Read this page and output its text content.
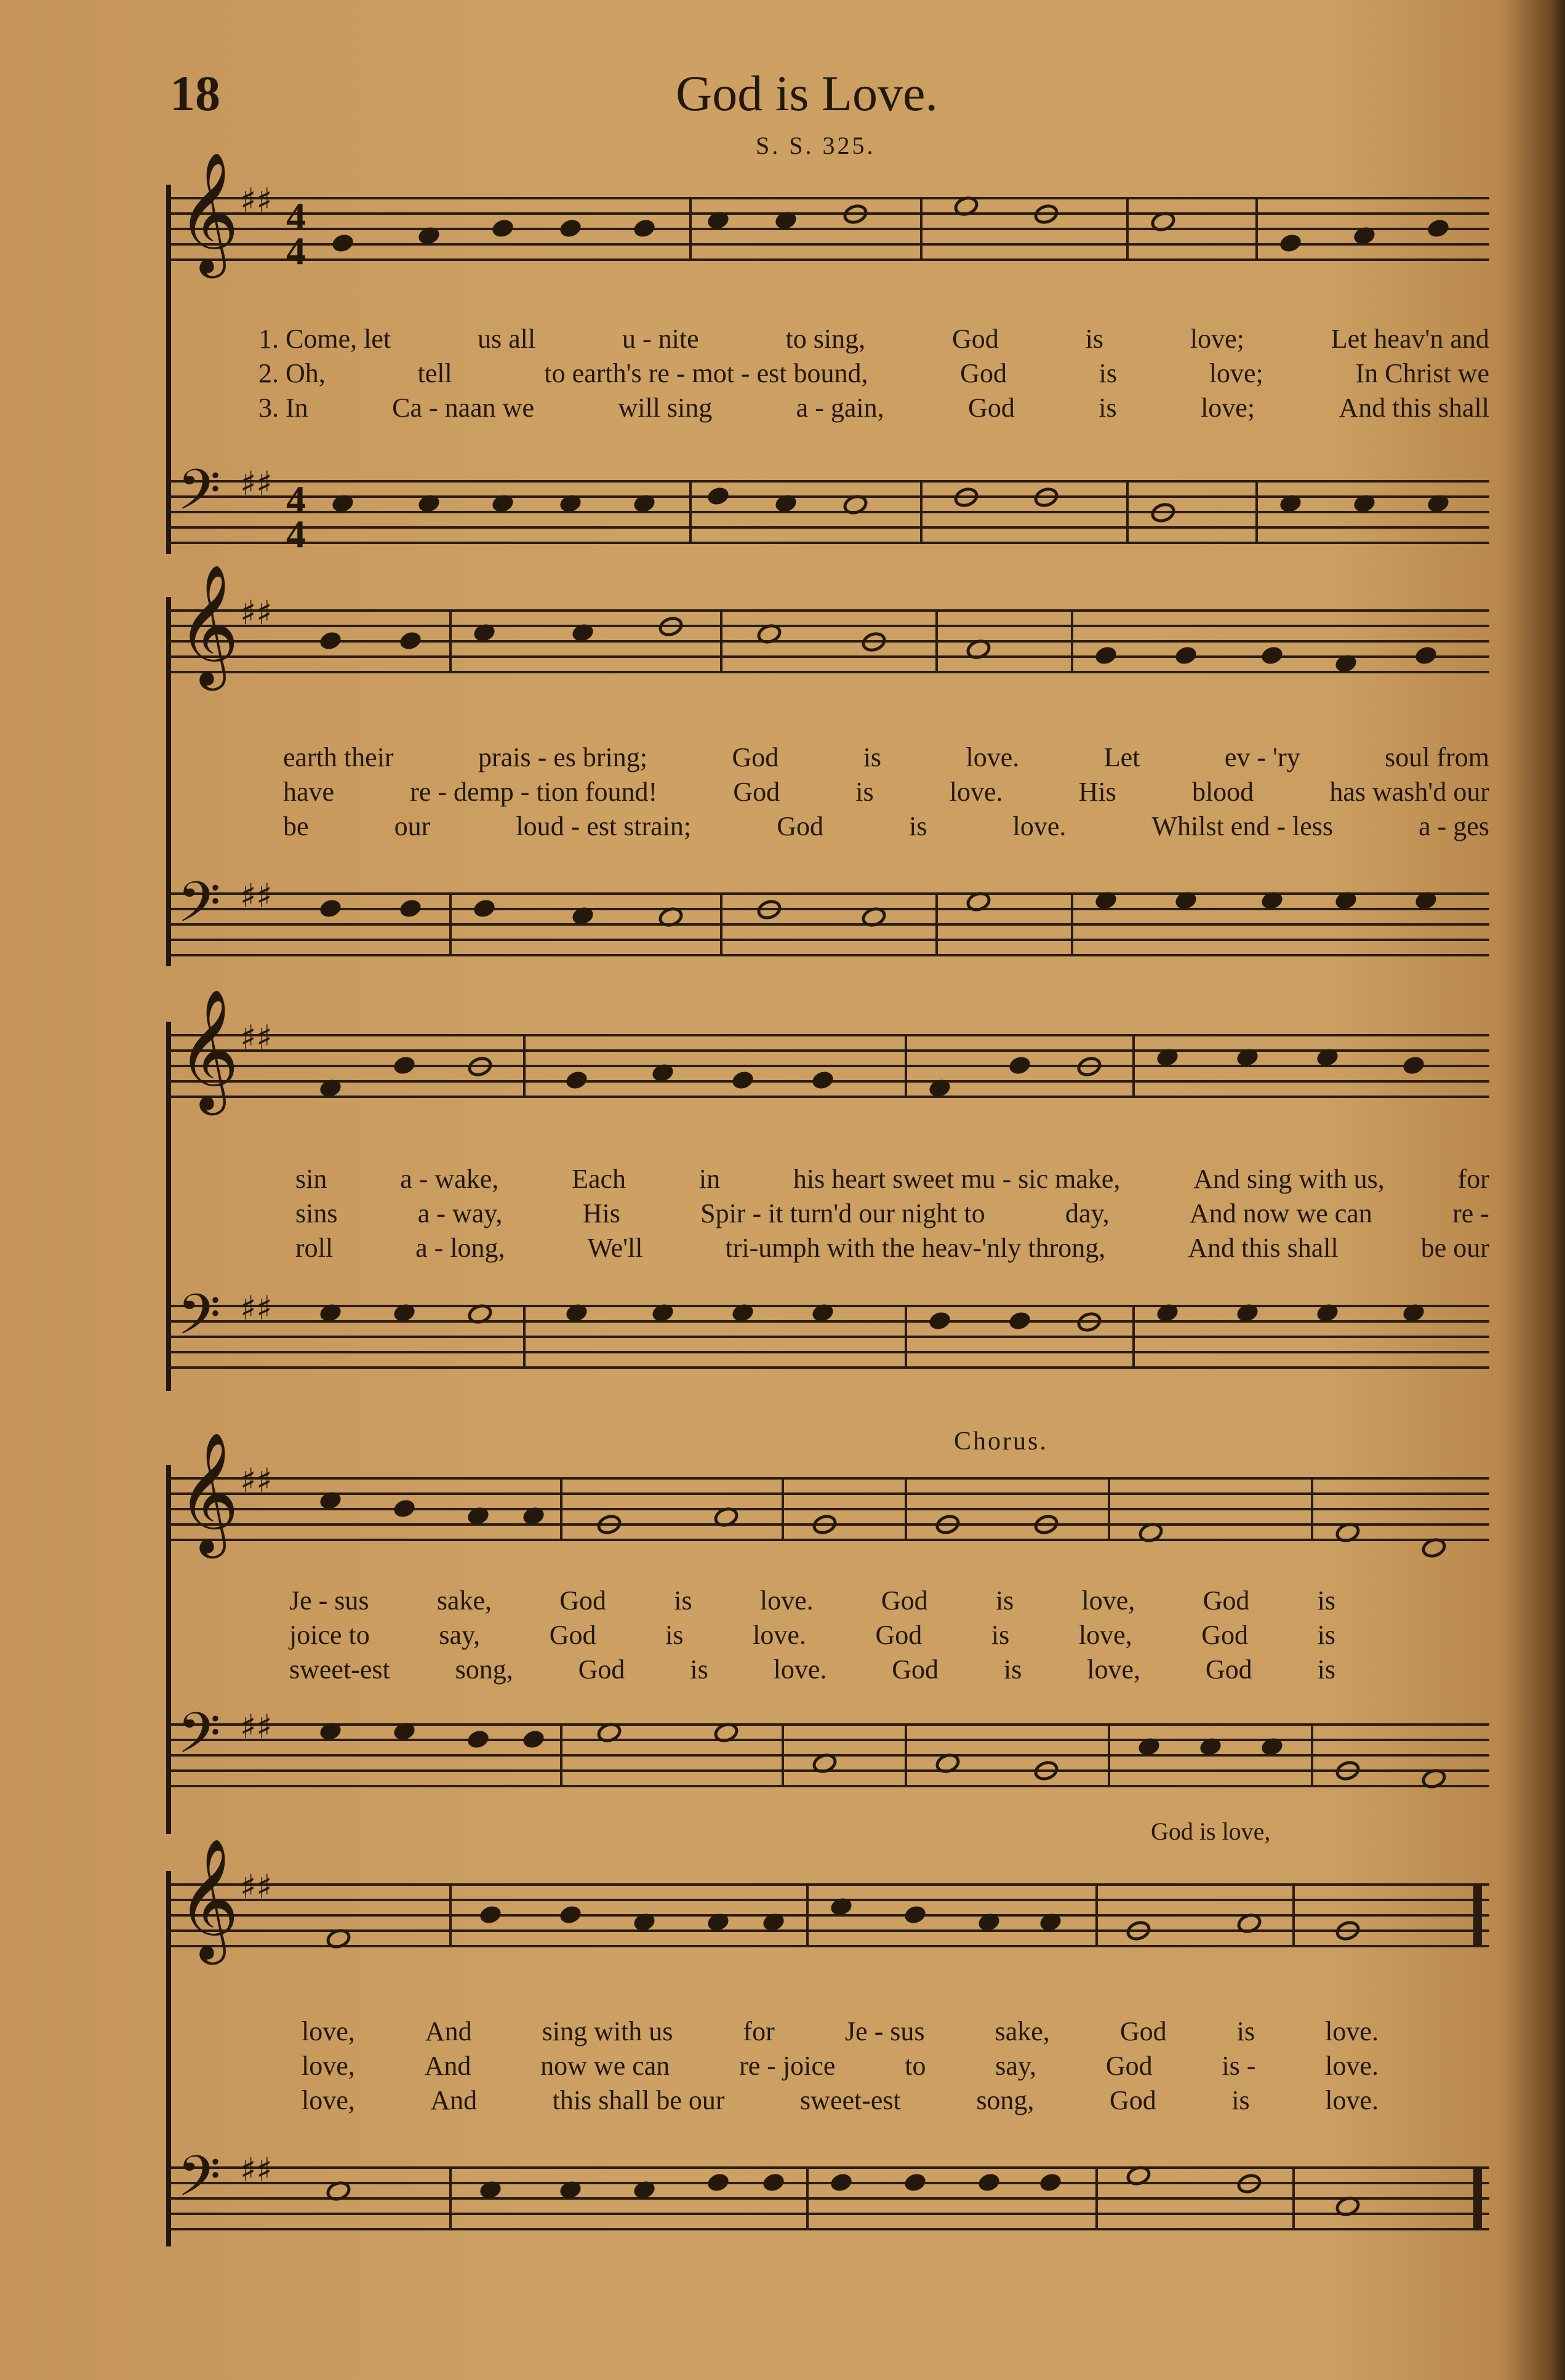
18	God is Love.
S. S. 325.
𝄞 ♯♯ 4
4
1. Come, let	us all	u - nite	to sing,	God	is	love;	Let heav'n and
2. Oh,	tell	to earth's re - mot - est bound,	God	is	love;	In Christ we
3. In	Ca - naan we	will sing	a - gain,	God	is	love;	And this shall
𝄢 ♯♯ 4
4
𝄞 ♯♯
earth their	prais - es bring;	God	is	love.	Let	ev - 'ry	soul from
have	re - demp - tion found!	God	is	love.	His	blood	has wash'd our
be	our	loud - est strain;	God	is	love.	Whilst end - less	a - ges
𝄢 ♯♯
𝄞 ♯♯
sin	a - wake,	Each	in	his heart sweet mu - sic make,	And sing with us,	for
sins	a - way,	His	Spir - it turn'd our night to	day,	And now we can	re -
roll	a - long,	We'll	tri-umph with the heav-'nly throng,	And this shall	be our
𝄢 ♯♯
Chorus.
𝄞 ♯♯
Je - sus	sake,	God	is	love.	God	is	love,	God	is
joice to	say,	God	is	love.	God	is	love,	God	is
sweet-est song, God is love. God is love, God is
𝄢 ♯♯
God is love,
𝄞 ♯♯
love,	And	sing with us	for	Je - sus	sake,	God	is	love.
love,	And	now we can	re - joice	to	say,	God	is -	love.
love,	And	this shall be our	sweet-est	song,	God	is	love.
𝄢 ♯♯
